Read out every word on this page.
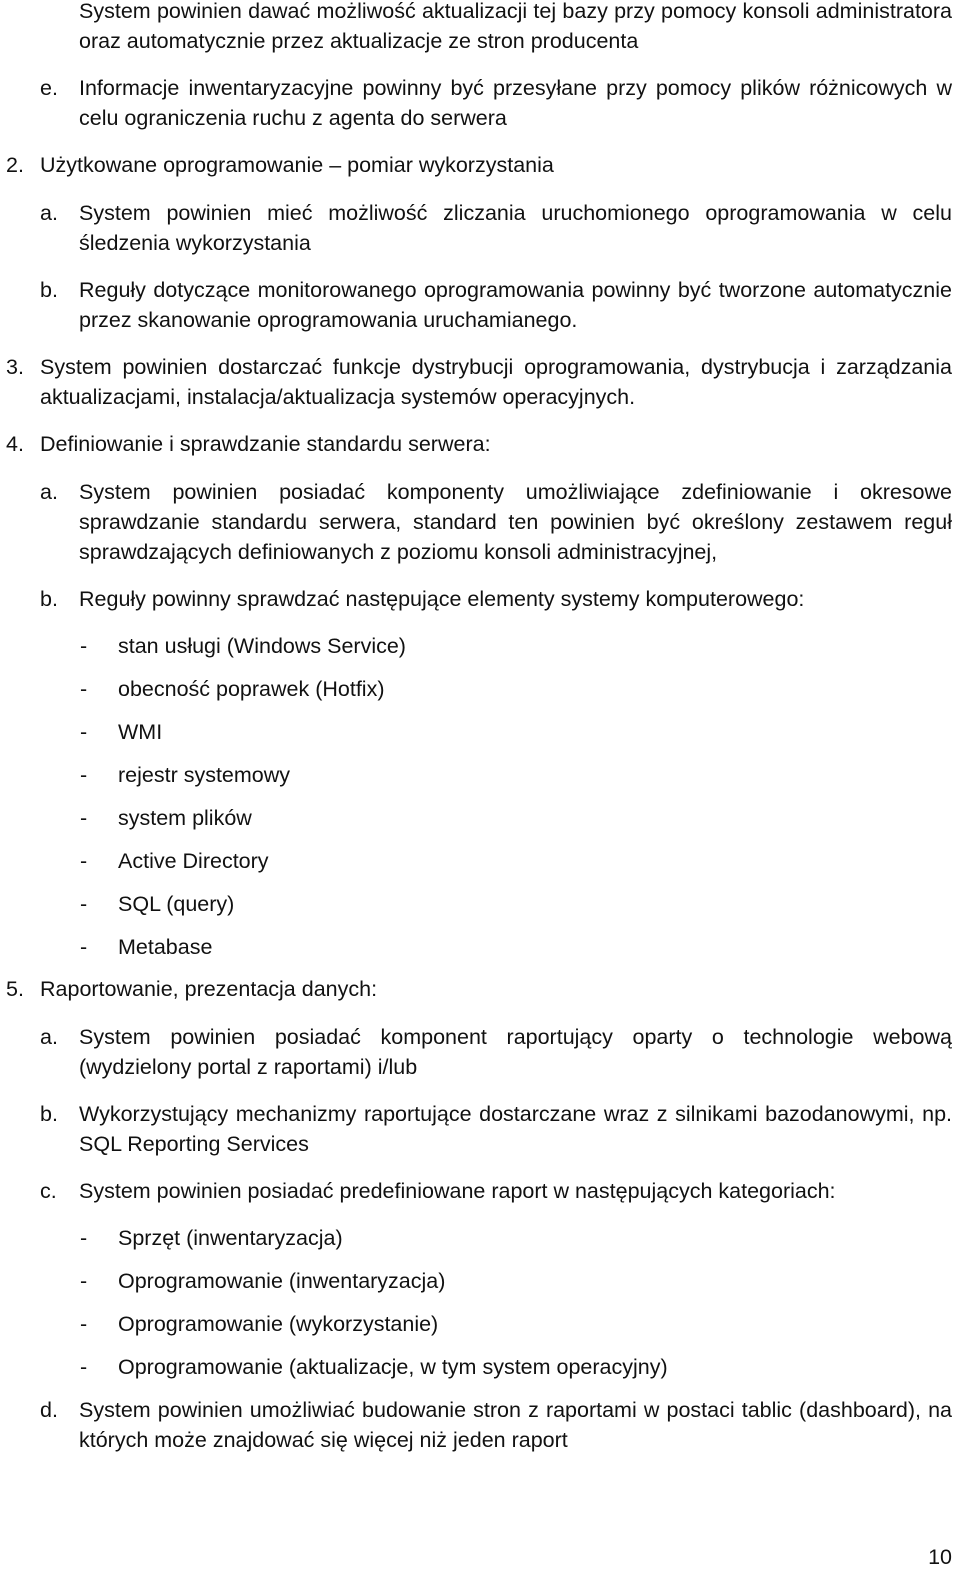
System powinien dawać możliwość aktualizacji tej bazy przy pomocy konsoli administratora oraz automatycznie przez aktualizacje ze stron producenta
e. Informacje inwentaryzacyjne powinny być przesyłane przy pomocy plików różnicowych w celu ograniczenia ruchu z agenta do serwera
2. Użytkowane oprogramowanie – pomiar wykorzystania
a. System powinien mieć możliwość zliczania uruchomionego oprogramowania w celu śledzenia wykorzystania
b. Reguły dotyczące monitorowanego oprogramowania powinny być tworzone automatycznie przez skanowanie oprogramowania uruchamianego.
3. System powinien dostarczać funkcje dystrybucji oprogramowania, dystrybucja i zarządzania aktualizacjami, instalacja/aktualizacja systemów operacyjnych.
4. Definiowanie i sprawdzanie standardu serwera:
a. System powinien posiadać komponenty umożliwiające zdefiniowanie i okresowe sprawdzanie standardu serwera, standard ten powinien być określony zestawem reguł sprawdzających definiowanych z poziomu konsoli administracyjnej,
b. Reguły powinny sprawdzać następujące elementy systemy komputerowego:
- stan usługi (Windows Service)
- obecność poprawek (Hotfix)
- WMI
- rejestr systemowy
- system plików
- Active Directory
- SQL (query)
- Metabase
5. Raportowanie, prezentacja danych:
a. System powinien posiadać komponent raportujący oparty o technologie webową (wydzielony portal z raportami) i/lub
b. Wykorzystujący mechanizmy raportujące dostarczane wraz z silnikami bazodanowymi, np. SQL Reporting Services
c. System powinien posiadać predefiniowane raport w następujących kategoriach:
- Sprzęt (inwentaryzacja)
- Oprogramowanie (inwentaryzacja)
- Oprogramowanie (wykorzystanie)
- Oprogramowanie (aktualizacje, w tym system operacyjny)
d. System powinien umożliwiać budowanie stron z raportami w postaci tablic (dashboard), na których może znajdować się więcej niż jeden raport
10
